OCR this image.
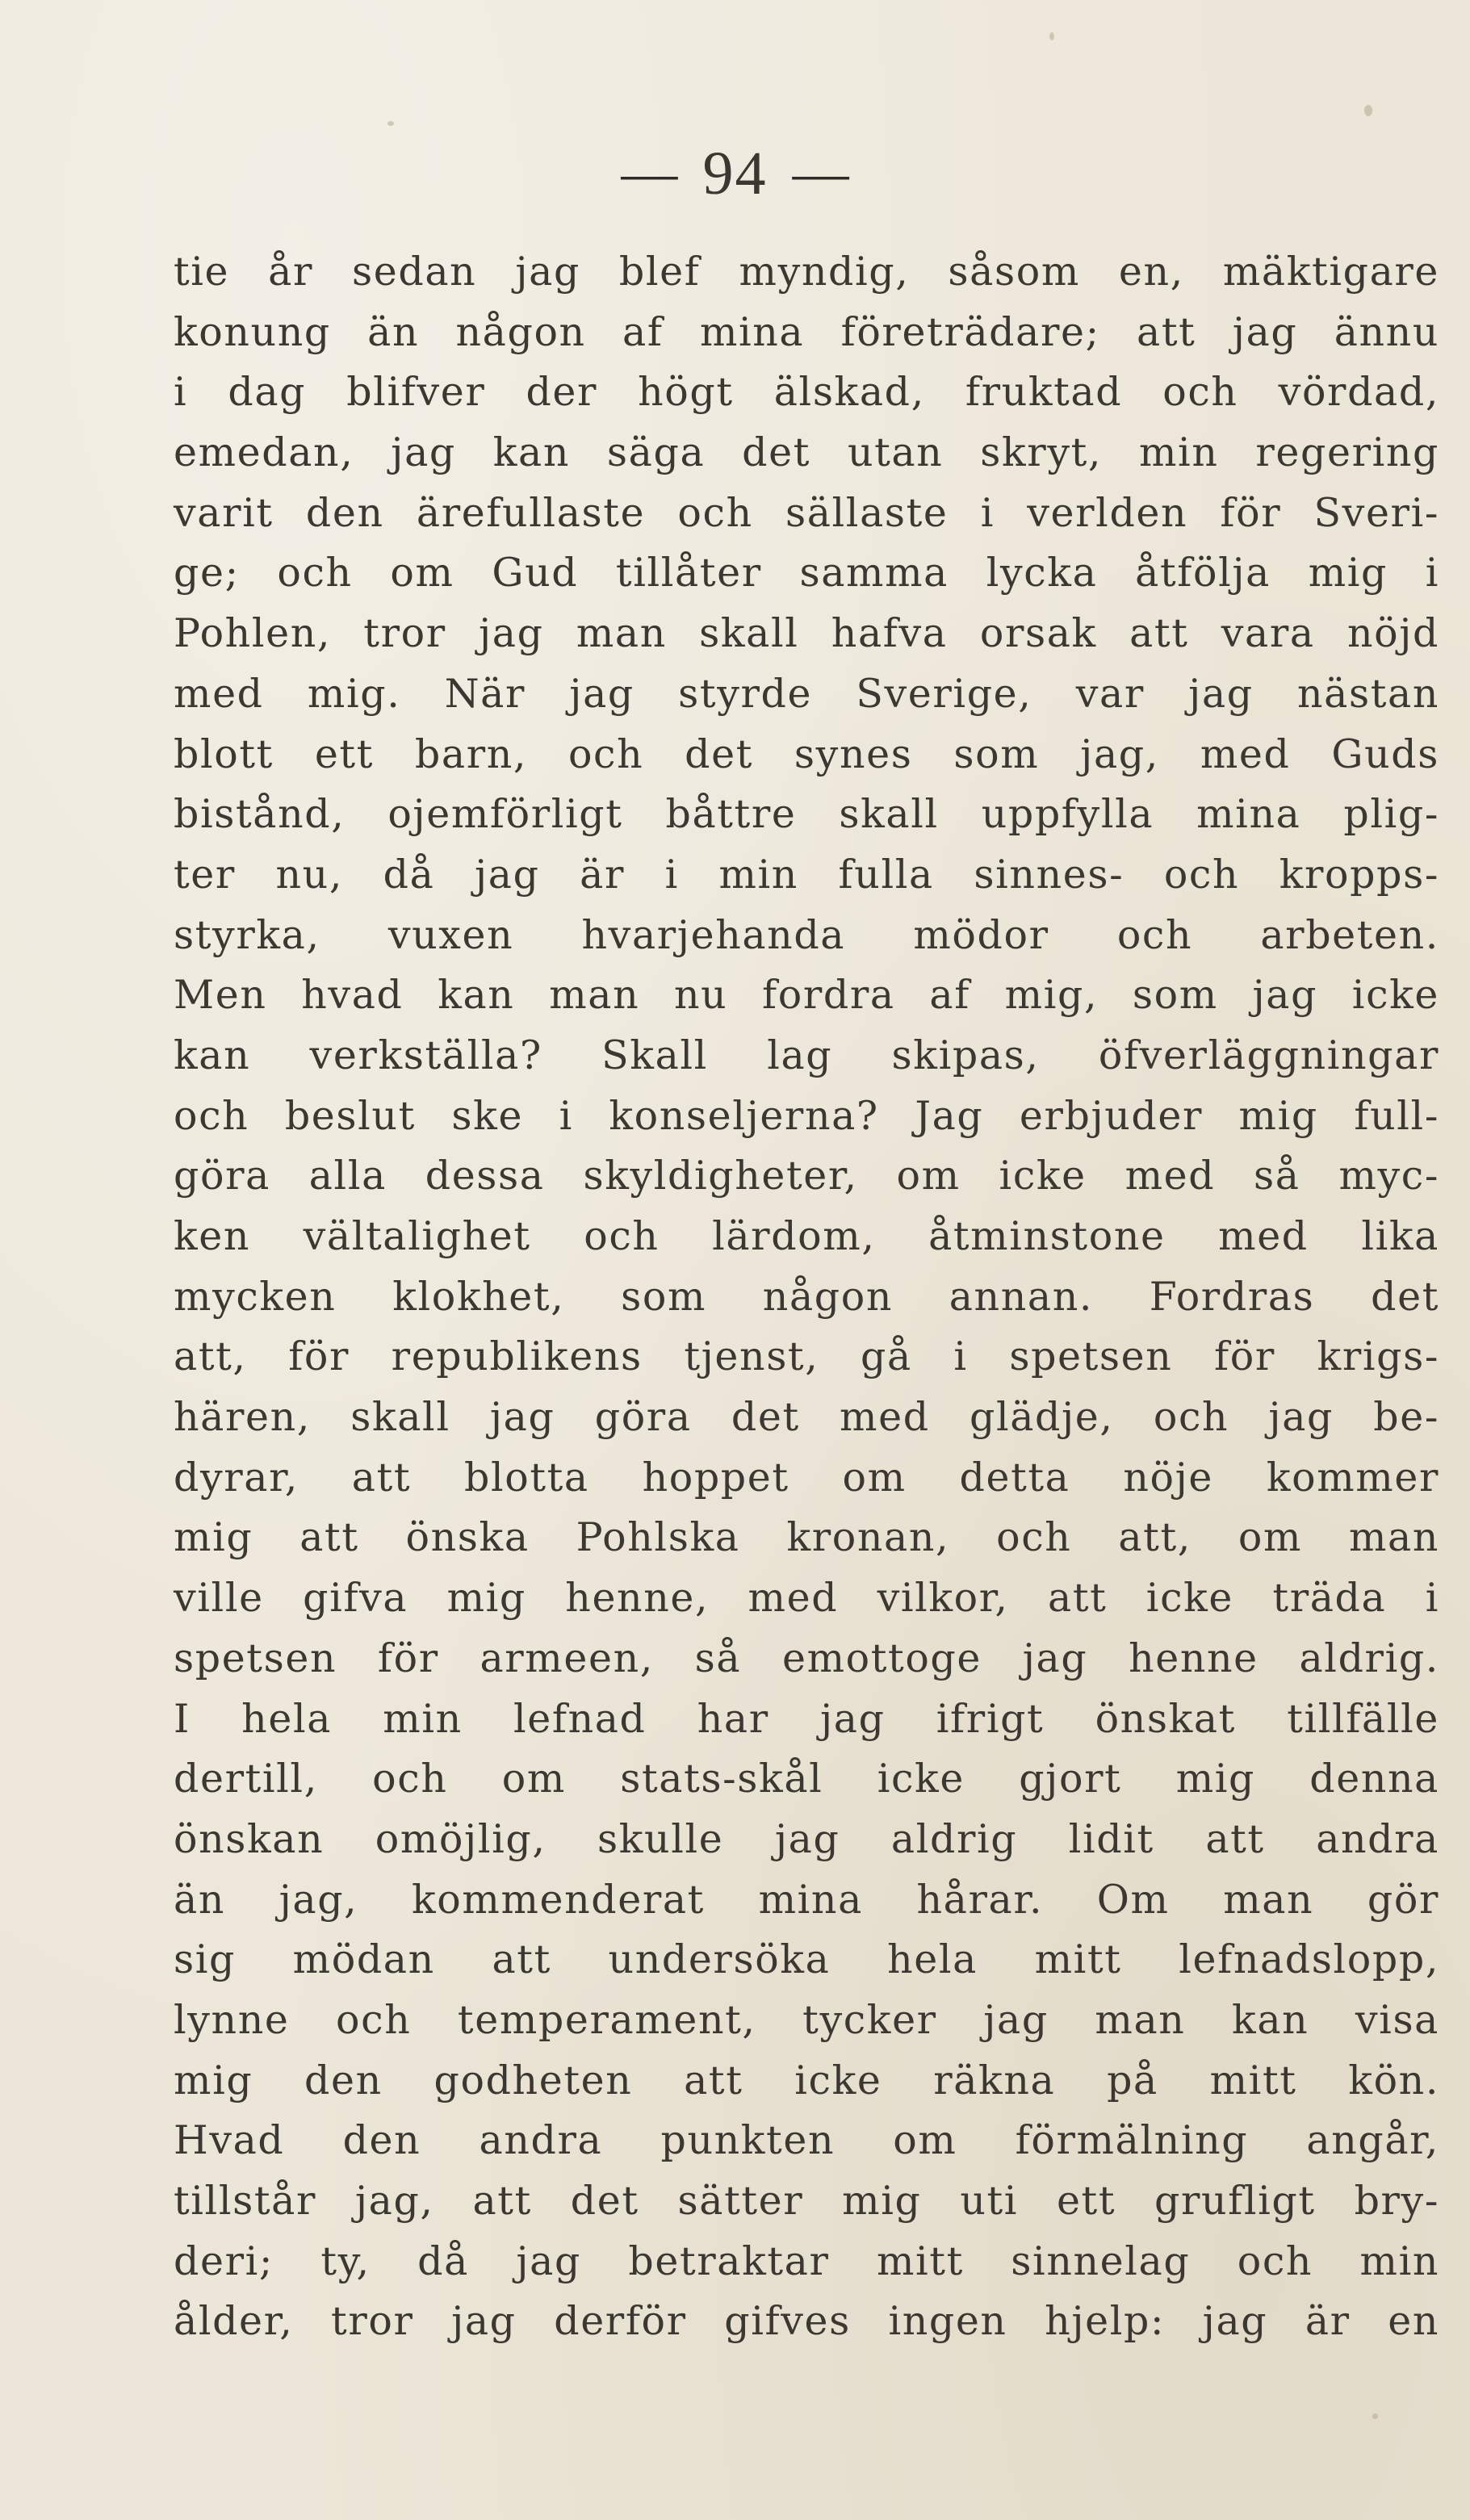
— 94 —
tie år sedan jag blef myndig, såsom en, mäktigare
konung än någon af mina företrädare; att jag ännu
i dag blifver der högt älskad, fruktad och vördad,
emedan, jag kan säga det utan skryt, min regering
varit den ärefullaste och sällaste i verlden för Sveri-
ge; och om Gud tillåter samma lycka åtfölja mig i
Pohlen, tror jag man skall hafva orsak att vara nöjd
med mig. När jag styrde Sverige, var jag nästan
blott ett barn, och det synes som jag, med Guds
bistånd, ojemförligt båttre skall uppfylla mina plig-
ter nu, då jag är i min fulla sinnes- och kropps-
styrka, vuxen hvarjehanda mödor och arbeten.
Men hvad kan man nu fordra af mig, som jag icke
kan verkställa? Skall lag skipas, öfverläggningar
och beslut ske i konseljerna? Jag erbjuder mig full-
göra alla dessa skyldigheter, om icke med så myc-
ken vältalighet och lärdom, åtminstone med lika
mycken klokhet, som någon annan. Fordras det
att, för republikens tjenst, gå i spetsen för krigs-
hären, skall jag göra det med glädje, och jag be-
dyrar, att blotta hoppet om detta nöje kommer
mig att önska Pohlska kronan, och att, om man
ville gifva mig henne, med vilkor, att icke träda i
spetsen för armeen, så emottoge jag henne aldrig.
I hela min lefnad har jag ifrigt önskat tillfälle
dertill, och om stats-skål icke gjort mig denna
önskan omöjlig, skulle jag aldrig lidit att andra
än jag, kommenderat mina hårar. Om man gör
sig mödan att undersöka hela mitt lefnadslopp,
lynne och temperament, tycker jag man kan visa
mig den godheten att icke räkna på mitt kön.
Hvad den andra punkten om förmälning angår,
tillstår jag, att det sätter mig uti ett grufligt bry-
deri; ty, då jag betraktar mitt sinnelag och min
ålder, tror jag derför gifves ingen hjelp: jag är en
